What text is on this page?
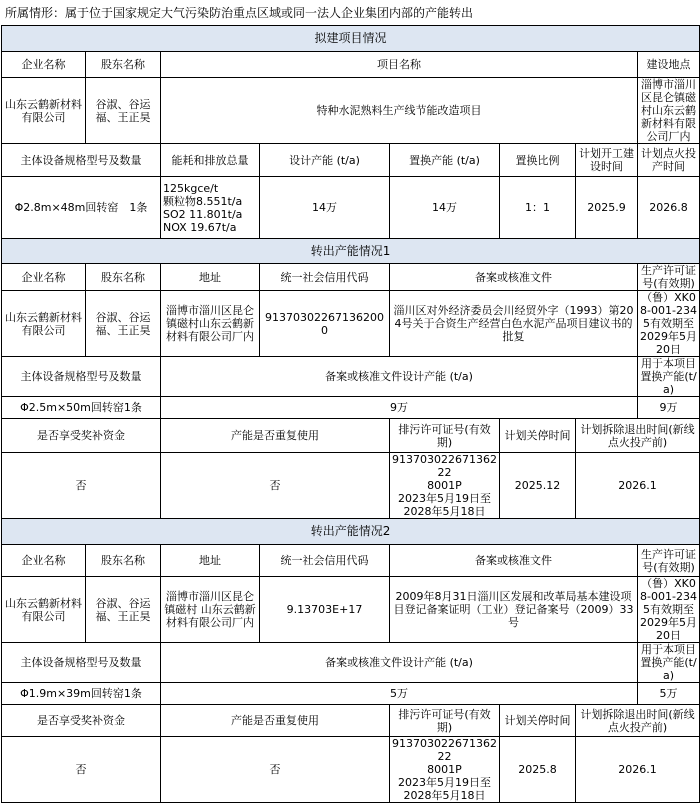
所属情形：属于位于国家规定大气污染防治重点区域或同一法人企业集团内部的产能转出
拟建项目情况							
企业名称	股东名称	项目名称					建设地点
山东云鹤新材料有限公司	谷淑、谷运福、王正昊	特种水泥熟料生产线节能改造项目					淄博市淄川区昆仑镇磁村山东云鹤新材料有限公司厂内
主体设备规格型号及数量		能耗和排放总量	设计产能 (t/a)	置换产能 (t/a)	置换比例	计划开工建设时间	计划点火投产时间
Φ2.8m×48m回转窑　1条		125kgce/t
颗粒物8.551t/a
SO2 11.801t/a
NOX 19.67t/a	14万	14万	1：1	2025.9	2026.8
转出产能情况1							
企业名称	股东名称	地址	统一社会信用代码	备案或核准文件			生产许可证号(有效期)
山东云鹤新材料有限公司	谷淑、谷运福、王正昊	淄博市淄川区昆仑镇磁村山东云鹤新材料有限公司厂内	913703022671362000	淄川区对外经济委员会川经贸外字（1993）第204号关于合资生产经营白色水泥产品项目建议书的批复			（鲁）XK08-001-2345有效期至2029年5月20日
主体设备规格型号及数量		备案或核准文件设计产能 (t/a)					用于本项目置换产能(t/a)
Φ2.5m×50m回转窑1条		9万					9万
是否享受奖补资金		产能是否重复使用		排污许可证号(有效期)	计划关停时间	计划拆除退出时间(新线点火投产前)	
否		否		91370302267136222
8001P
2023年5月19日至
2028年5月18日	2025.12	2026.1	
转出产能情况2							
企业名称	股东名称	地址	统一社会信用代码	备案或核准文件			生产许可证号(有效期)
山东云鹤新材料有限公司	谷淑、谷运福、王正昊	淄博市淄川区昆仑镇磁村 山东云鹤新材料有限公司厂内	9.13703E+17	2009年8月31日淄川区发展和改革局基本建设项目登记备案证明（工业）登记备案号（2009）33号			（鲁）XK08-001-2345有效期至2029年5月20日
主体设备规格型号及数量		备案或核准文件设计产能 (t/a)					用于本项目置换产能(t/a)
Φ1.9m×39m回转窑1条		5万					5万
是否享受奖补资金		产能是否重复使用		排污许可证号(有效期)	计划关停时间	计划拆除退出时间(新线点火投产前)	
否		否		91370302267136222
8001P
2023年5月19日至
2028年5月18日	2025.8	2026.1	
